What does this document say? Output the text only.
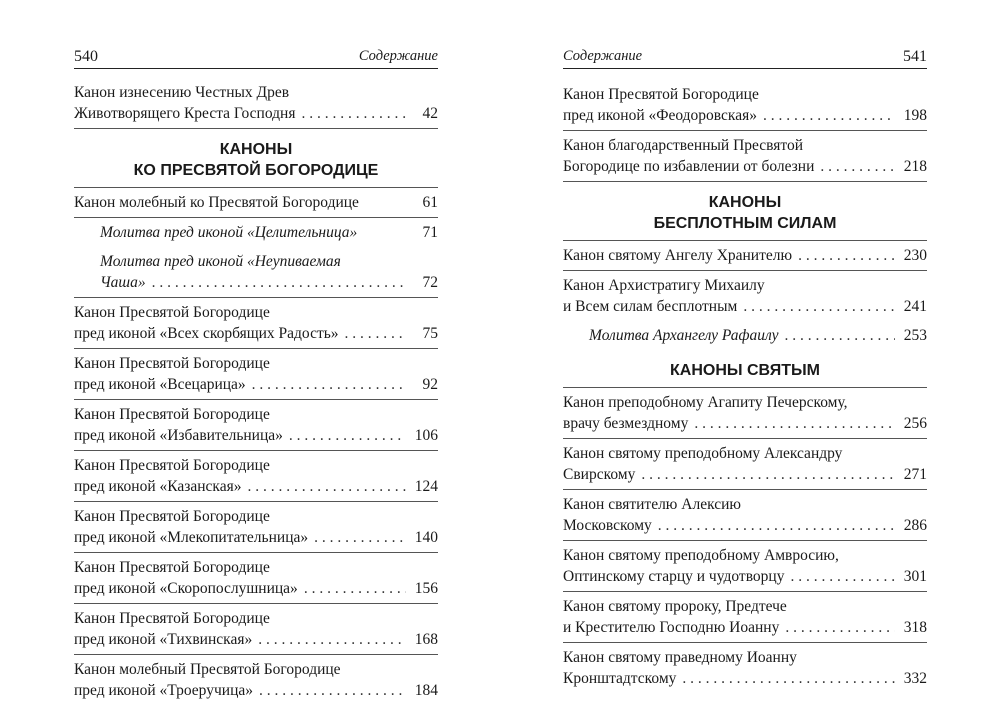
540	Содержание
Канон изнесению Честных Древ
Животворящего Креста Господня . . .	42
КАНОНЫ
КО ПРЕСВЯТОЙ БОГОРОДИЦЕ
Канон молебный ко Пресвятой Богородице	61
Молитва пред иконой «Целительница»	71
Молитва пред иконой «Неупиваемая
Чаша» . . .	72
Канон Пресвятой Богородице
пред иконой «Всех скорбящих Радость» . . .	75
Канон Пресвятой Богородице
пред иконой «Всецарица» . . .	92
Канон Пресвятой Богородице
пред иконой «Избавительница» . . .	106
Канон Пресвятой Богородице
пред иконой «Казанская» . . .	124
Канон Пресвятой Богородице
пред иконой «Млекопитательница» . . .	140
Канон Пресвятой Богородице
пред иконой «Скоропослушница» . . .	156
Канон Пресвятой Богородице
пред иконой «Тихвинская» . . .	168
Канон молебный Пресвятой Богородице
пред иконой «Троеручица» . . .	184
Содержание	541
Канон Пресвятой Богородице
пред иконой «Феодоровская» . . .	198
Канон благодарственный Пресвятой
Богородице по избавлении от болезни . . .	218
КАНОНЫ
БЕСПЛОТНЫМ СИЛАМ
Канон святому Ангелу Хранителю . . .	230
Канон Архистратигу Михаилу
и Всем силам бесплотным . . .	241
Молитва Архангелу Рафаилу . . .	253
КАНОНЫ СВЯТЫМ
Канон преподобному Агапиту Печерскому,
врачу безмездному . . .	256
Канон святому преподобному Александру
Свирскому . . .	271
Канон святителю Алексию
Московскому . . .	286
Канон святому преподобному Амвросию,
Оптинскому старцу и чудотворцу . . .	301
Канон святому пророку, Предтече
и Крестителю Господню Иоанну . . .	318
Канон святому праведному Иоанну
Кронштадтскому . . .	332
